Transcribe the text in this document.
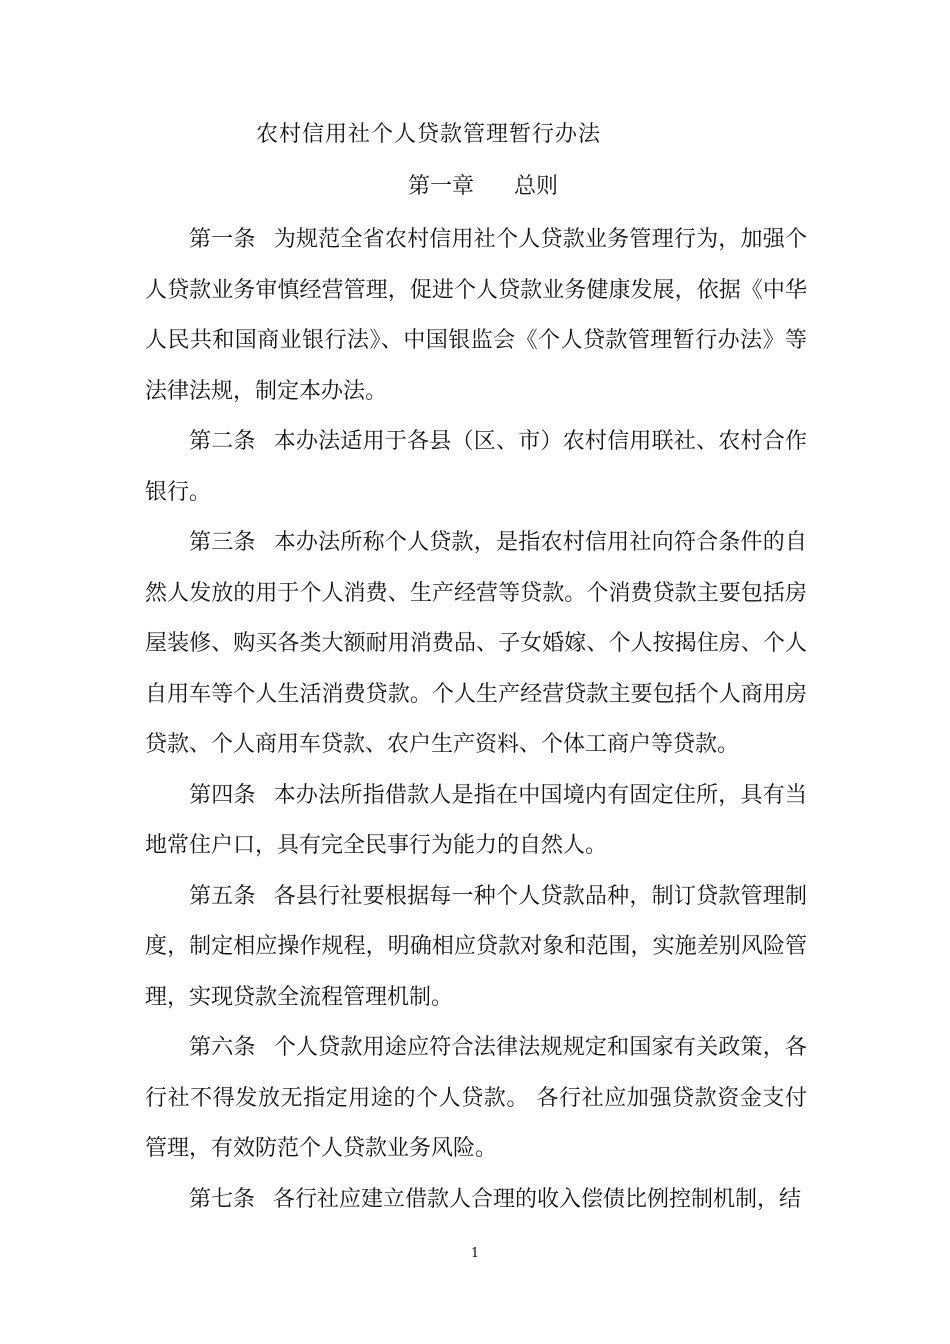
农村信用社个人贷款管理暂行办法
第一章 总则

第一条 为规范全省农村信用社个人贷款业务管理行为，加强个人贷款业务审慎经营管理，促进个人贷款业务健康发展，依据《中华人民共和国商业银行法》、中国银监会《个人贷款管理暂行办法》等法律法规，制定本办法。

第二条 本办法适用于各县（区、市）农村信用联社、农村合作银行。

第三条 本办法所称个人贷款，是指农村信用社向符合条件的自然人发放的用于个人消费、生产经营等贷款。个消费贷款主要包括房屋装修、购买各类大额耐用消费品、子女婚嫁、个人按揭住房、个人自用车等个人生活消费贷款。个人生产经营贷款主要包括个人商用房贷款、个人商用车贷款、农户生产资料、个体工商户等贷款。

第四条 本办法所指借款人是指在中国境内有固定住所，具有当地常住户口，具有完全民事行为能力的自然人。

第五条 各县行社要根据每一种个人贷款品种，制订贷款管理制度，制定相应操作规程，明确相应贷款对象和范围，实施差别风险管理，实现贷款全流程管理机制。

第六条 个人贷款用途应符合法律法规规定和国家有关政策，各行社不得发放无指定用途的个人贷款。 各行社应加强贷款资金支付管理，有效防范个人贷款业务风险。

第七条 各行社应建立借款人合理的收入偿债比例控制机制，结

1
